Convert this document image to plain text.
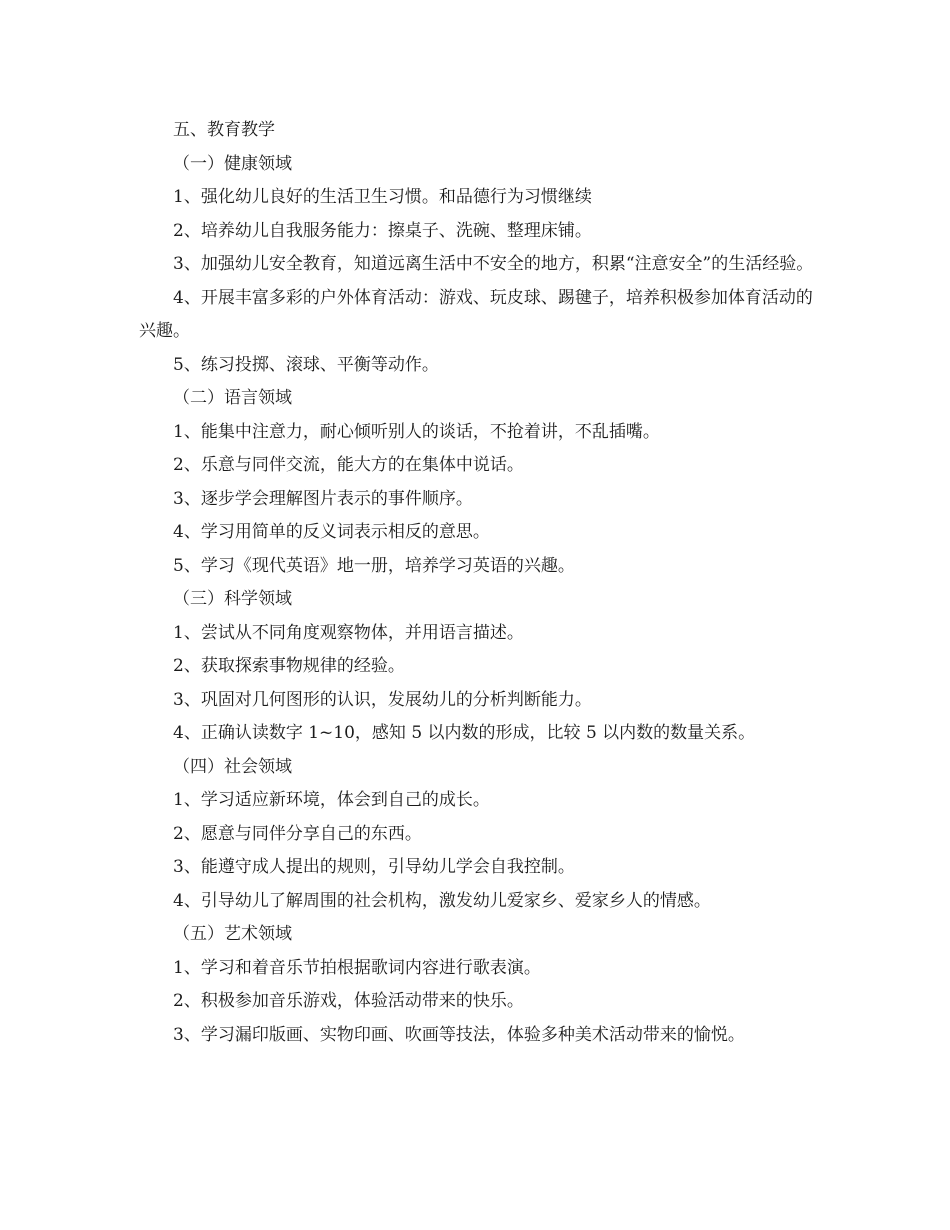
五、教育教学

（一）健康领域

1、强化幼儿良好的生活卫生习惯。和品德行为习惯继续

2、培养幼儿自我服务能力：擦桌子、洗碗、整理床铺。

3、加强幼儿安全教育，知道远离生活中不安全的地方，积累“注意安全”的生活经验。

4、开展丰富多彩的户外体育活动：游戏、玩皮球、踢毽子，培养积极参加体育活动的兴趣。

5、练习投掷、滚球、平衡等动作。

（二）语言领域

1、能集中注意力，耐心倾听别人的谈话，不抢着讲，不乱插嘴。

2、乐意与同伴交流，能大方的在集体中说话。

3、逐步学会理解图片表示的事件顺序。

4、学习用简单的反义词表示相反的意思。

5、学习《现代英语》地一册，培养学习英语的兴趣。

（三）科学领域

1、尝试从不同角度观察物体，并用语言描述。

2、获取探索事物规律的经验。

3、巩固对几何图形的认识，发展幼儿的分析判断能力。

4、正确认读数字 1~10，感知 5 以内数的形成，比较 5 以内数的数量关系。

（四）社会领域

1、学习适应新环境，体会到自己的成长。

2、愿意与同伴分享自己的东西。

3、能遵守成人提出的规则，引导幼儿学会自我控制。

4、引导幼儿了解周围的社会机构，激发幼儿爱家乡、爱家乡人的情感。

（五）艺术领域

1、学习和着音乐节拍根据歌词内容进行歌表演。

2、积极参加音乐游戏，体验活动带来的快乐。

3、学习漏印版画、实物印画、吹画等技法，体验多种美术活动带来的愉悦。
